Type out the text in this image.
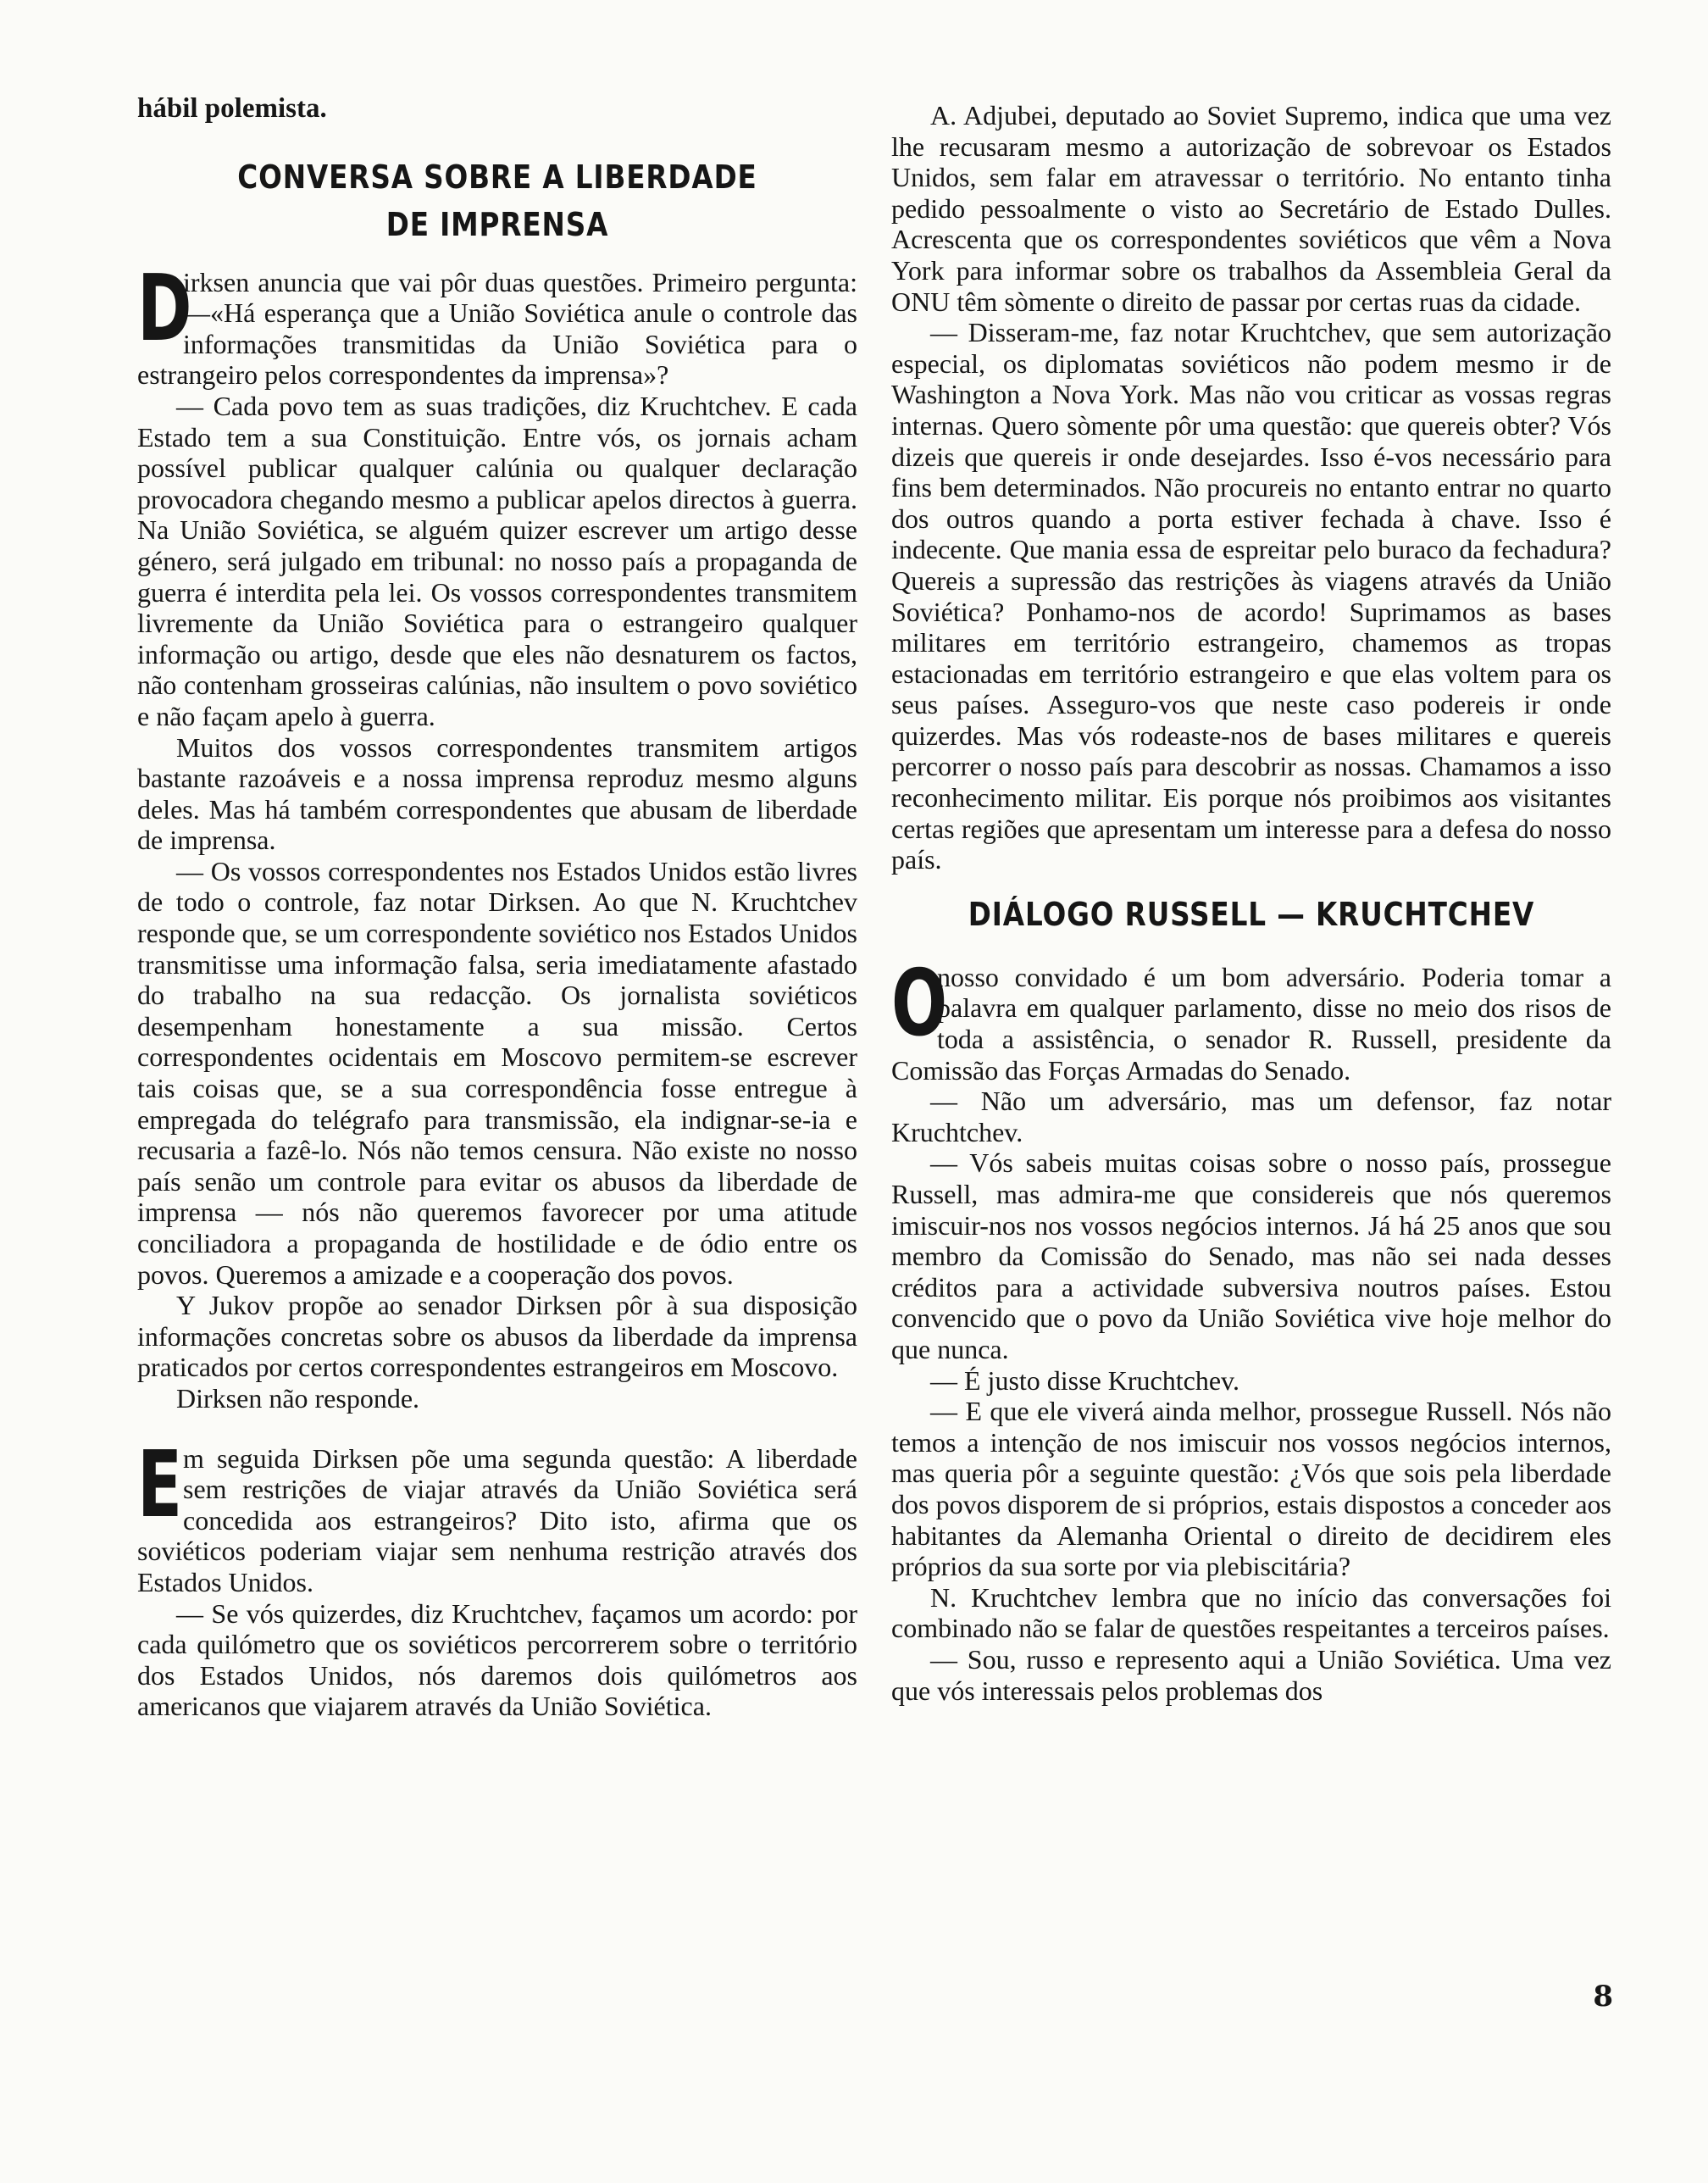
hábil polemista.

CONVERSA SOBRE A LIBERDADE
DE IMPRENSA

D
irksen anuncia que vai pôr duas questões. Primeiro pergunta: —«Há esperança que a União Soviética anule o controle das informações transmitidas da União Soviética para o estrangeiro pelos correspondentes da imprensa»?

— Cada povo tem as suas tradições, diz Kruchtchev. E cada Estado tem a sua Constituição. Entre vós, os jornais acham possível publicar qualquer calúnia ou qualquer declaração provocadora chegando mesmo a publicar apelos directos à guerra. Na União Soviética, se alguém quizer escrever um artigo desse género, será julgado em tribunal: no nosso país a propaganda de guerra é interdita pela lei. Os vossos correspondentes transmitem livremente da União Soviética para o estrangeiro qualquer informação ou artigo, desde que eles não desnaturem os factos, não contenham grosseiras calúnias, não insultem o povo soviético e não façam apelo à guerra.

Muitos dos vossos correspondentes transmitem artigos bastante razoáveis e a nossa imprensa reproduz mesmo alguns deles. Mas há também correspondentes que abusam de liberdade de imprensa.

— Os vossos correspondentes nos Estados Unidos estão livres de todo o controle, faz notar Dirksen. Ao que N. Kruchtchev responde que, se um correspondente soviético nos Estados Unidos transmitisse uma informação falsa, seria imediatamente afastado do trabalho na sua redacção. Os jornalista soviéticos desempenham honestamente a sua missão. Certos correspondentes ocidentais em Moscovo permitem-se escrever tais coisas que, se a sua correspondência fosse entregue à empregada do telégrafo para transmissão, ela indignar-se-ia e recusaria a fazê-lo. Nós não temos censura. Não existe no nosso país senão um controle para evitar os abusos da liberdade de imprensa — nós não queremos favorecer por uma atitude conciliadora a propaganda de hostilidade e de ódio entre os povos. Queremos a amizade e a cooperação dos povos.

Y Jukov propõe ao senador Dirksen pôr à sua disposição informações concretas sobre os abusos da liberdade da imprensa praticados por certos correspondentes estrangeiros em Moscovo.

Dirksen não responde.

Em seguida Dirksen põe uma segunda questão: A liberdade sem restrições de viajar através da União Soviética será concedida aos estrangeiros? Dito isto, afirma que os soviéticos poderiam viajar sem nenhuma restrição através dos Estados Unidos.

— Se vós quizerdes, diz Kruchtchev, façamos um acordo: por cada quilómetro que os soviéticos percorrerem sobre o território dos Estados Unidos, nós daremos dois quilómetros aos americanos que viajarem através da União Soviética.

A. Adjubei, deputado ao Soviet Supremo, indica que uma vez lhe recusaram mesmo a autorização de sobrevoar os Estados Unidos, sem falar em atravessar o território. No entanto tinha pedido pessoalmente o visto ao Secretário de Estado Dulles. Acrescenta que os correspondentes soviéticos que vêm a Nova York para informar sobre os trabalhos da Assembleia Geral da ONU têm sòmente o direito de passar por certas ruas da cidade.

— Disseram-me, faz notar Kruchtchev, que sem autorização especial, os diplomatas soviéticos não podem mesmo ir de Washington a Nova York. Mas não vou criticar as vossas regras internas. Quero sòmente pôr uma questão: que quereis obter? Vós dizeis que quereis ir onde desejardes. Isso é-vos necessário para fins bem determinados. Não procureis no entanto entrar no quarto dos outros quando a porta estiver fechada à chave. Isso é indecente. Que mania essa de espreitar pelo buraco da fechadura? Quereis a supressão das restrições às viagens através da União Soviética? Ponhamo-nos de acordo! Suprimamos as bases militares em território estrangeiro, chamemos as tropas estacionadas em território estrangeiro e que elas voltem para os seus países. Asseguro-vos que neste caso podereis ir onde quizerdes. Mas vós rodeaste-nos de bases militares e quereis percorrer o nosso país para descobrir as nossas. Chamamos a isso reconhecimento militar. Eis porque nós proibimos aos visitantes certas regiões que apresentam um interesse para a defesa do nosso país.

DIÁLOGO RUSSELL — KRUCHTCHEV

O
nosso convidado é um bom adversário. Poderia tomar a palavra em qualquer parlamento, disse no meio dos risos de toda a assistência, o senador R. Russell, presidente da Comissão das Forças Armadas do Senado.

— Não um adversário, mas um defensor, faz notar Kruchtchev.

— Vós sabeis muitas coisas sobre o nosso país, prossegue Russell, mas admira-me que considereis que nós queremos imiscuir-nos nos vossos negócios internos. Já há 25 anos que sou membro da Comissão do Senado, mas não sei nada desses créditos para a actividade subversiva noutros países. Estou convencido que o povo da União Soviética vive hoje melhor do que nunca.

— É justo disse Kruchtchev.

— E que ele viverá ainda melhor, prossegue Russell. Nós não temos a intenção de nos imiscuir nos vossos negócios internos, mas queria pôr a seguinte questão: ¿Vós que sois pela liberdade dos povos disporem de si próprios, estais dispostos a conceder aos habitantes da Alemanha Oriental o direito de decidirem eles próprios da sua sorte por via plebiscitária?

N. Kruchtchev lembra que no início das conversações foi combinado não se falar de questões respeitantes a terceiros países.

— Sou, russo e represento aqui a União Soviética. Uma vez que vós interessais pelos problemas dos

8
